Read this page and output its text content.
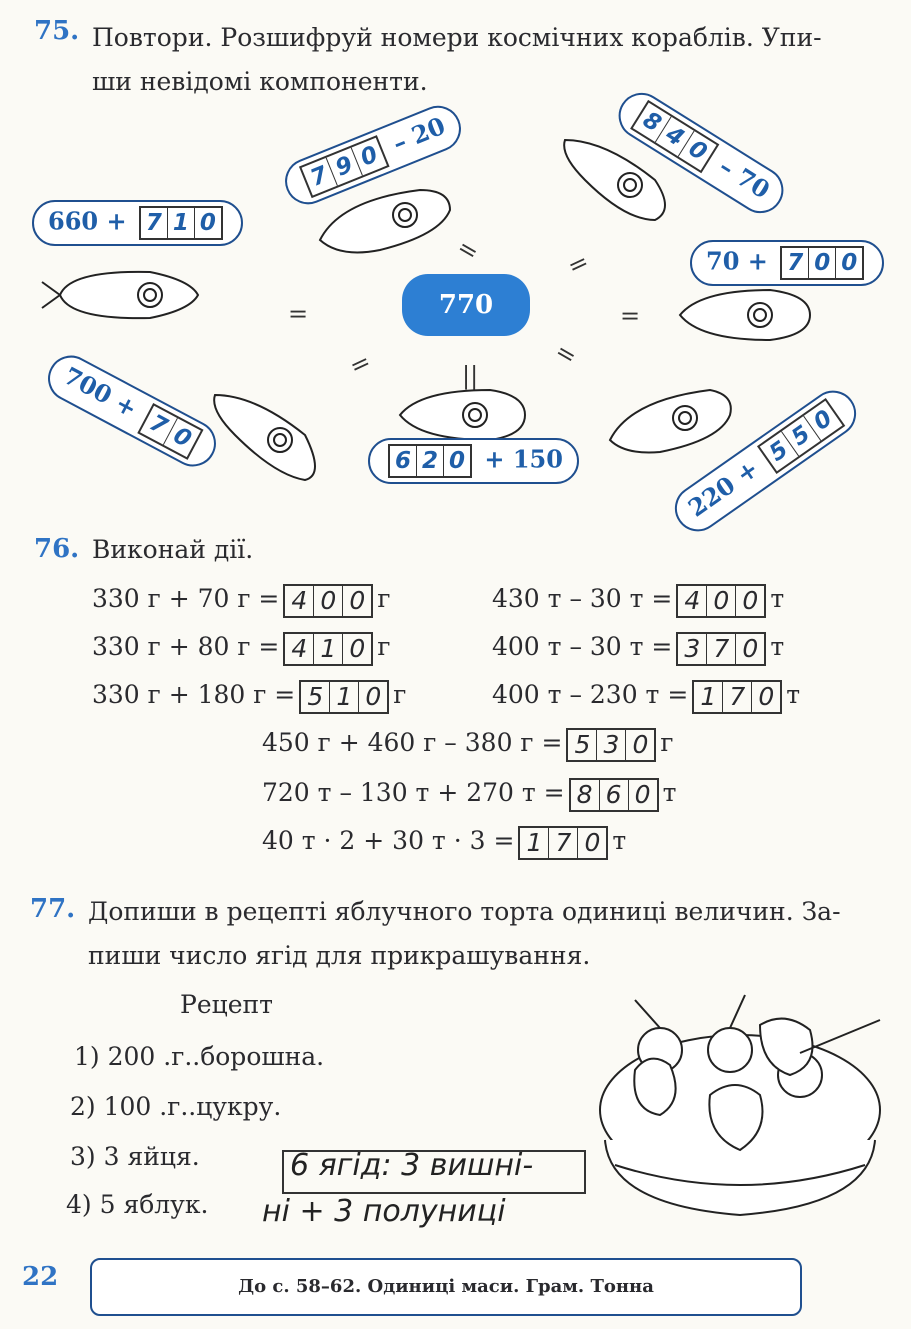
75. Повтори. Розшифруй номери космічних кораблів. Упи-
ши невідомі компоненти.
770
=	=
=	=
=	=
||
660 + 7 1 0
7 9 0 – 20	8
4
0
– 70
70 + 7 0 0
700 +
7
0
6 2 0 + 150	220 +
5
5
0
76. Виконай дії.
330 г + 70 г = 4 0 0 г	430 т – 30 т = 4 0 0 т
330 г + 80 г = 4 1 0 г	400 т – 30 т = 3 7 0 т
330 г + 180 г = 5 1 0 г	400 т – 230 т = 1 7 0 т
450 г + 460 г – 380 г = 5 3 0 г
720 т – 130 т + 270 т = 8 6 0 т
40 т · 2 + 30 т · 3 = 1 7 0 т
77. Допиши в рецепті яблучного торта одиниці величин. За-
пиши число ягід для прикрашування.
Рецепт
1) 200 .г..борошна.
2) 100 .г..цукру.
3) 3 яйця.
4) 5 яблук.
6 ягід: 3 вишні-
ні + 3 полуниці
22	До с. 58–62. Одиниці маси. Грам. Тонна
